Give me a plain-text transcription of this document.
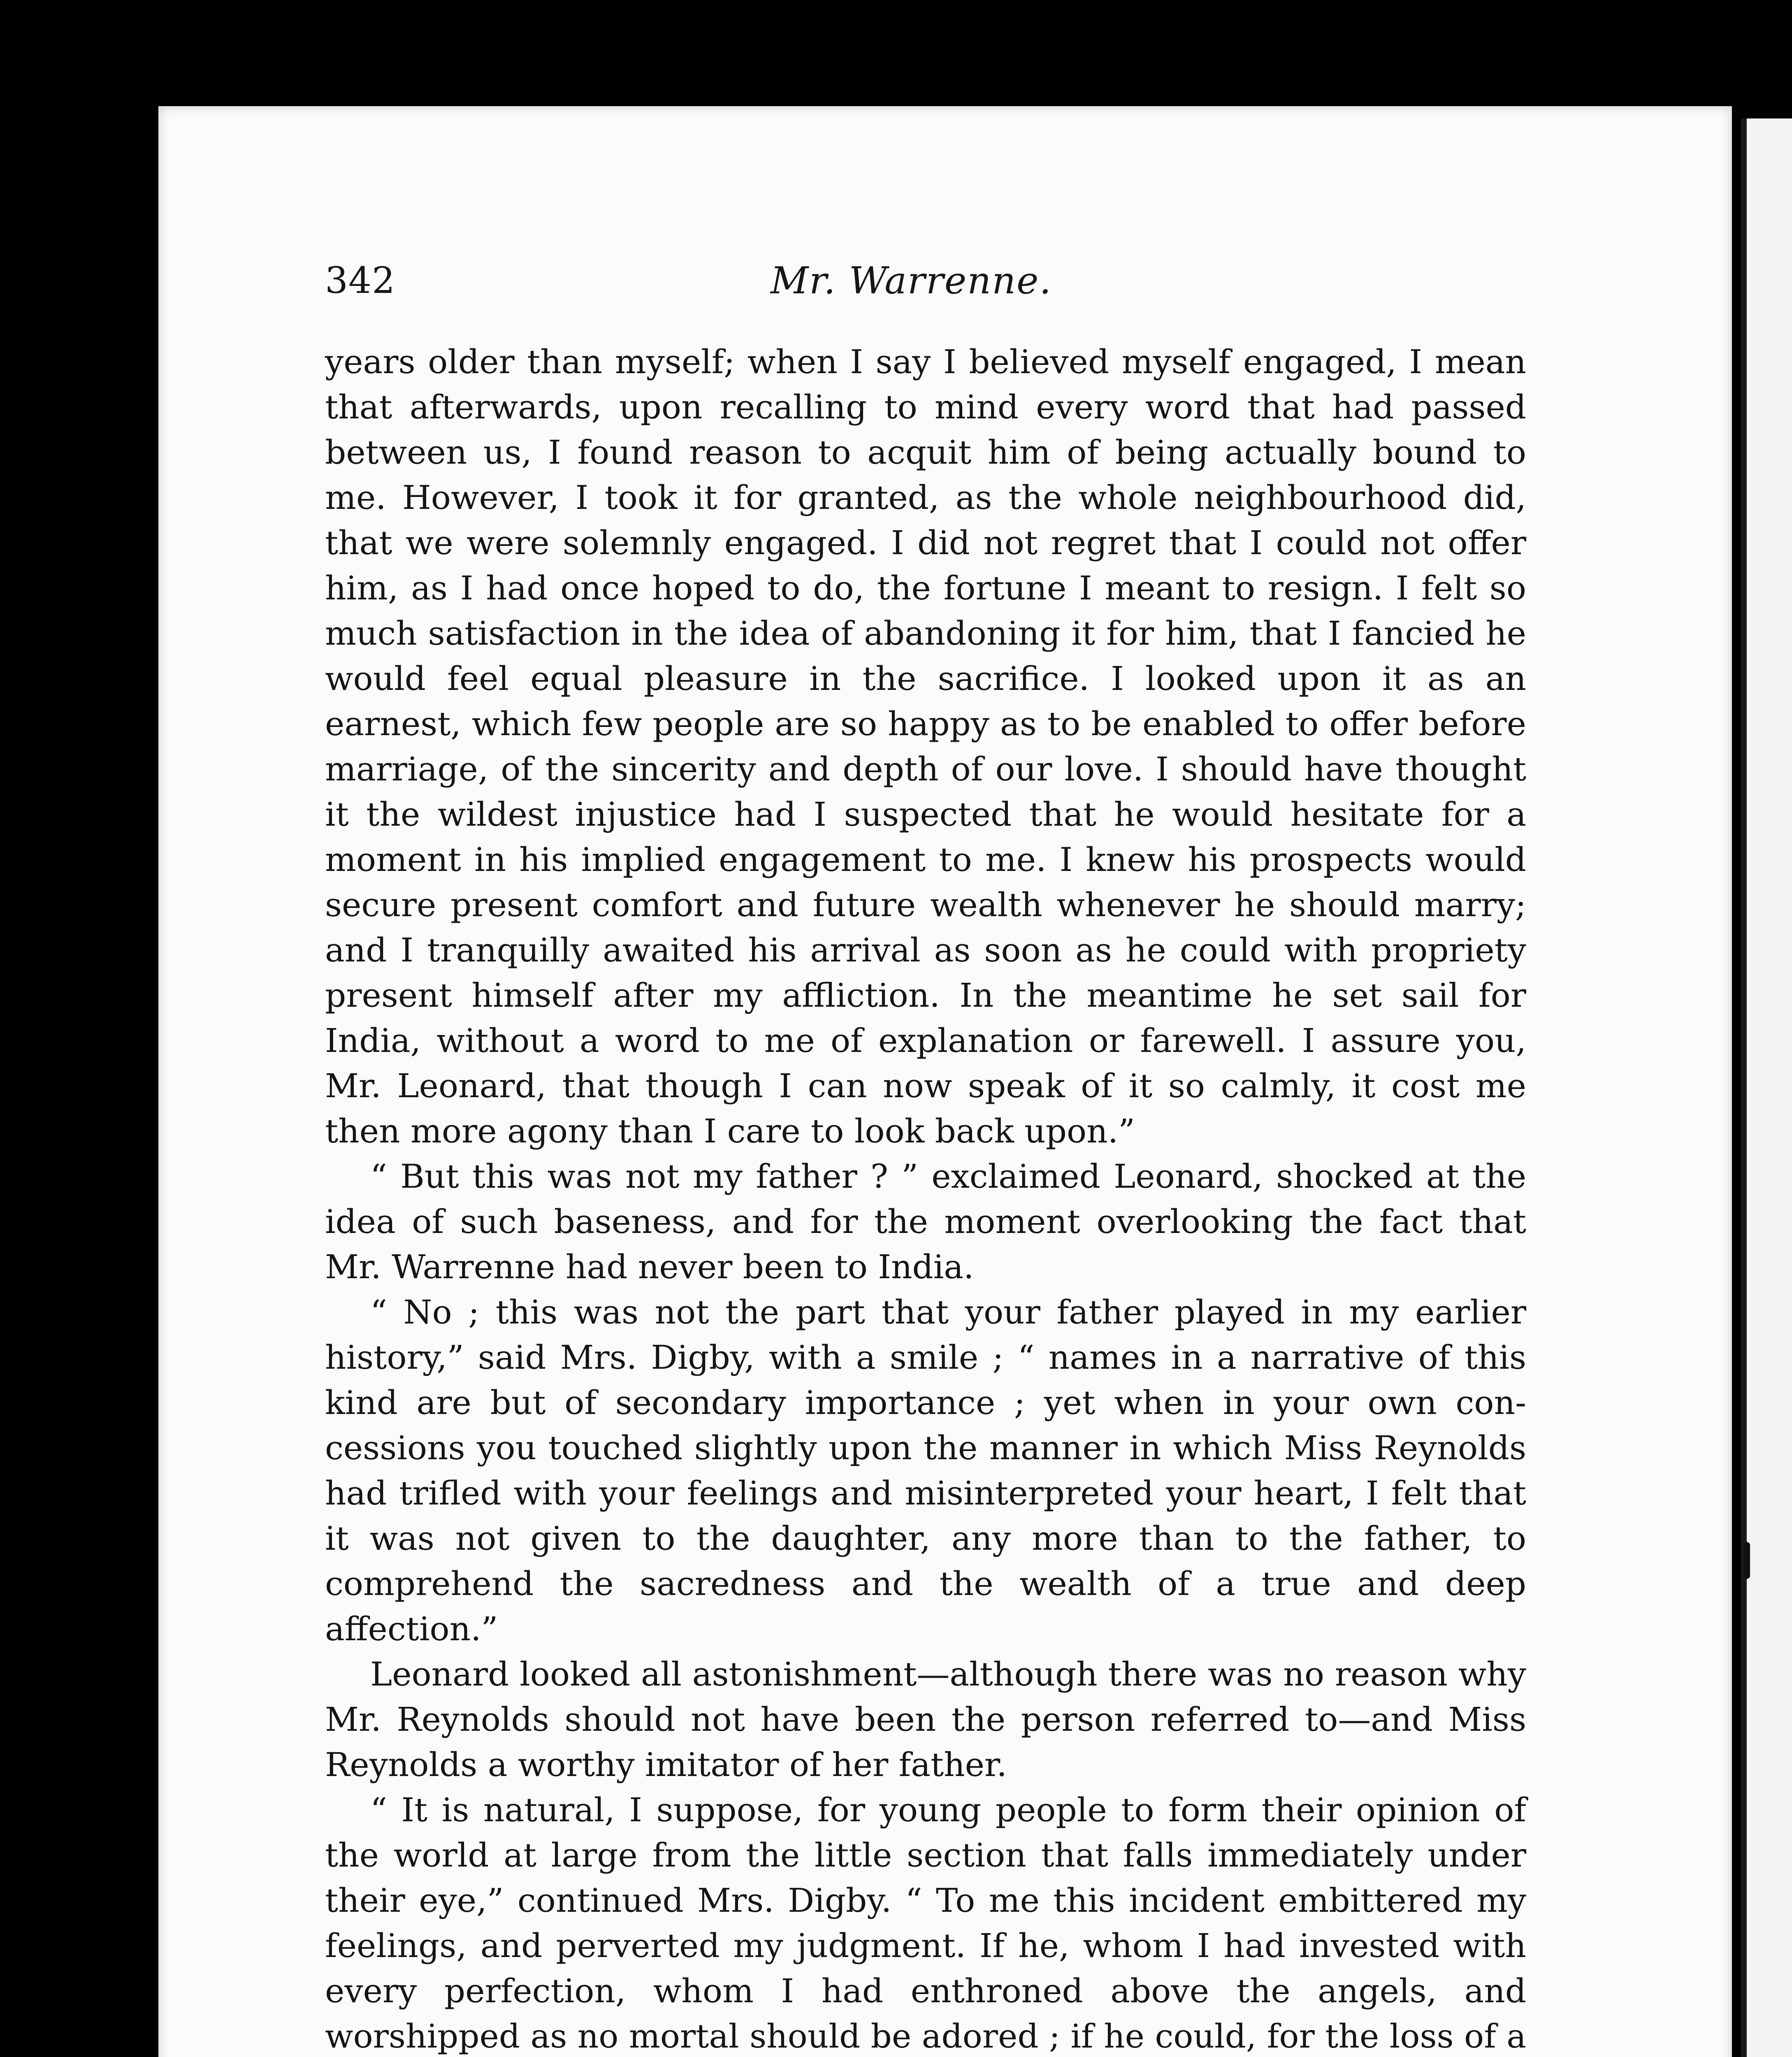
342	Mr. Warrenne.

years older than myself; when I say I believed myself engaged, I mean that afterwards, upon recalling to mind every word that had passed between us, I found reason to acquit him of being actually bound to me. However, I took it for granted, as the whole neighbourhood did, that we were solemnly engaged. I did not regret that I could not offer him, as I had once hoped to do, the fortune I meant to resign. I felt so much satisfaction in the idea of abandoning it for him, that I fancied he would feel equal pleasure in the sacrifice. I looked upon it as an earnest, which few people are so happy as to be enabled to offer before marriage, of the sincerity and depth of our love. I should have thought it the wildest injustice had I suspected that he would hesitate for a moment in his implied engagement to me. I knew his prospects would secure present comfort and future wealth whenever he should marry; and I tranquilly awaited his arrival as soon as he could with propriety present himself after my affliction. In the meantime he set sail for India, without a word to me of explanation or farewell. I assure you, Mr. Leonard, that though I can now speak of it so calmly, it cost me then more agony than I care to look back upon.”

“ But this was not my father ? ” exclaimed Leonard, shocked at the idea of such baseness, and for the moment overlooking the fact that Mr. Warrenne had never been to India.

“ No ; this was not the part that your father played in my earlier history,” said Mrs. Digby, with a smile ; “ names in a narrative of this kind are but of secondary importance ; yet when in your own concessions you touched slightly upon the manner in which Miss Reynolds had trifled with your feelings and misinterpreted your heart, I felt that it was not given to the daughter, any more than to the father, to comprehend the sacredness and the wealth of a true and deep affection.”

Leonard looked all astonishment—although there was no reason why Mr. Reynolds should not have been the person referred to—and Miss Reynolds a worthy imitator of her father.

“ It is natural, I suppose, for young people to form their opinion of the world at large from the little section that falls immediately under their eye,” continued Mrs. Digby. “ To me this incident embittered my feelings, and perverted my judgment. If he, whom I had invested with every perfection, whom I had enthroned above the angels, and worshipped as no mortal should be adored ; if he could, for the loss of a
